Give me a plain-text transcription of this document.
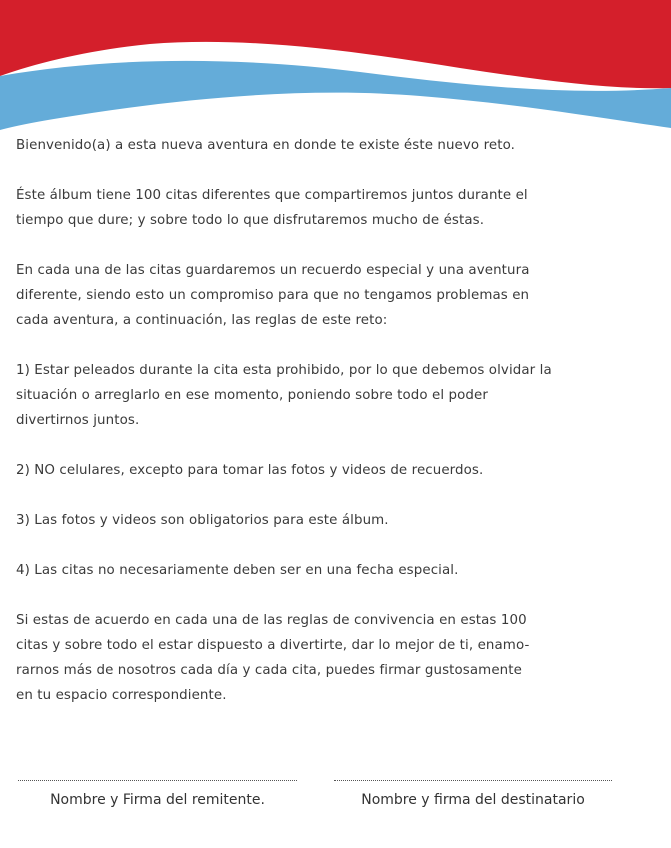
Bienvenido(a) a esta nueva aventura en donde te existe éste nuevo reto.

Éste álbum tiene 100 citas diferentes que compartiremos juntos durante el
tiempo que dure; y sobre todo lo que disfrutaremos mucho de éstas.

En cada una de las citas guardaremos un recuerdo especial y una aventura
diferente, siendo esto un compromiso para que no tengamos problemas en
cada aventura, a continuación, las reglas de este reto:

1) Estar peleados durante la cita esta prohibido, por lo que debemos olvidar la
situación o arreglarlo en ese momento, poniendo sobre todo el poder
divertirnos juntos.

2) NO celulares, excepto para tomar las fotos y videos de recuerdos.

3) Las fotos y videos son obligatorios para este álbum.

4) Las citas no necesariamente deben ser en una fecha especial.

Si estas de acuerdo en cada una de las reglas de convivencia en estas 100
citas y sobre todo el estar dispuesto a divertirte, dar lo mejor de ti, enamo-
rarnos más de nosotros cada día y cada cita, puedes firmar gustosamente
en tu espacio correspondiente.

Nombre y Firma del remitente.	Nombre y firma del destinatario
